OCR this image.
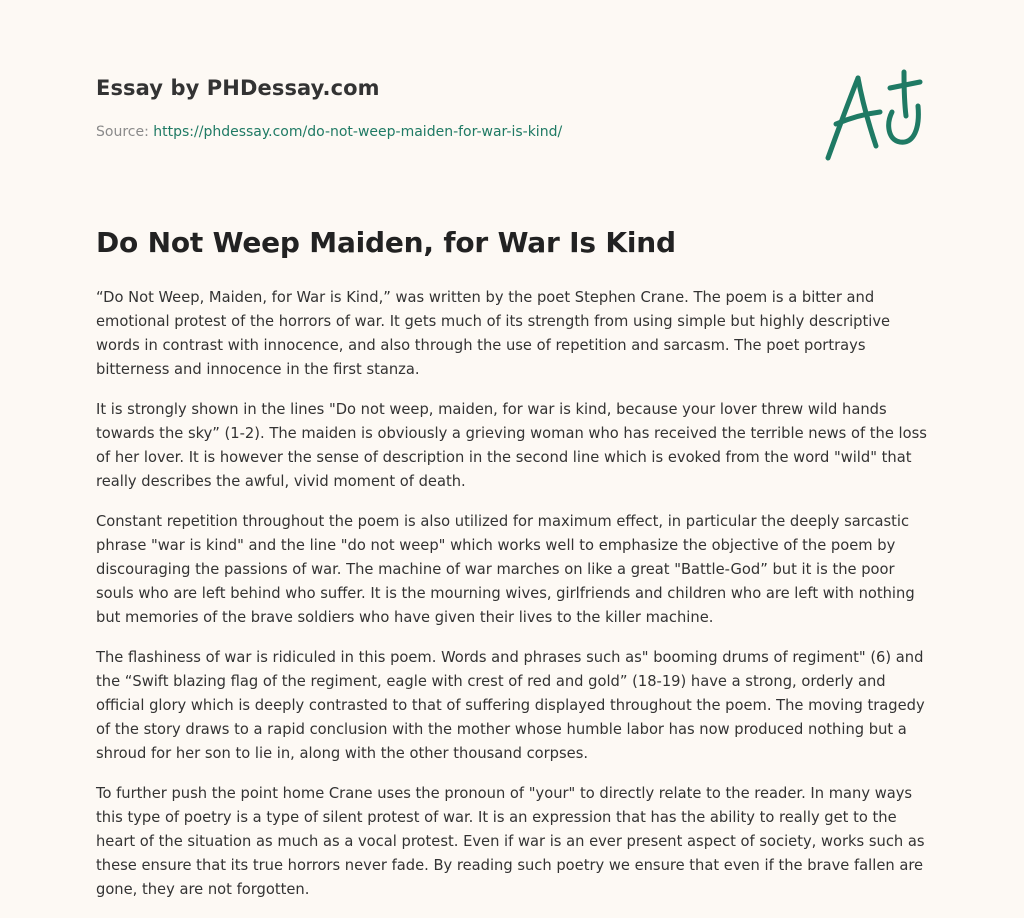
Essay by PHDessay.com
Source: https://phdessay.com/do-not-weep-maiden-for-war-is-kind/
Do Not Weep Maiden, for War Is Kind

“Do Not Weep, Maiden, for War is Kind,” was written by the poet Stephen Crane. The poem is a bitter and emotional protest of the horrors of war. It gets much of its strength from using simple but highly descriptive words in contrast with innocence, and also through the use of repetition and sarcasm. The poet portrays bitterness and innocence in the first stanza.

It is strongly shown in the lines "Do not weep, maiden, for war is kind, because your lover threw wild hands towards the sky” (1-2). The maiden is obviously a grieving woman who has received the terrible news of the loss of her lover. It is however the sense of description in the second line which is evoked from the word "wild" that really describes the awful, vivid moment of death.

Constant repetition throughout the poem is also utilized for maximum effect, in particular the deeply sarcastic phrase "war is kind" and the line "do not weep" which works well to emphasize the objective of the poem by discouraging the passions of war. The machine of war marches on like a great "Battle-God” but it is the poor souls who are left behind who suffer. It is the mourning wives, girlfriends and children who are left with nothing but memories of the brave soldiers who have given their lives to the killer machine.

The flashiness of war is ridiculed in this poem. Words and phrases such as" booming drums of regiment" (6) and the “Swift blazing flag of the regiment, eagle with crest of red and gold” (18-19) have a strong, orderly and official glory which is deeply contrasted to that of suffering displayed throughout the poem. The moving tragedy of the story draws to a rapid conclusion with the mother whose humble labor has now produced nothing but a shroud for her son to lie in, along with the other thousand corpses.

To further push the point home Crane uses the pronoun of "your" to directly relate to the reader. In many ways this type of poetry is a type of silent protest of war. It is an expression that has the ability to really get to the heart of the situation as much as a vocal protest. Even if war is an ever present aspect of society, works such as these ensure that its true horrors never fade. By reading such poetry we ensure that even if the brave fallen are gone, they are not forgotten.
